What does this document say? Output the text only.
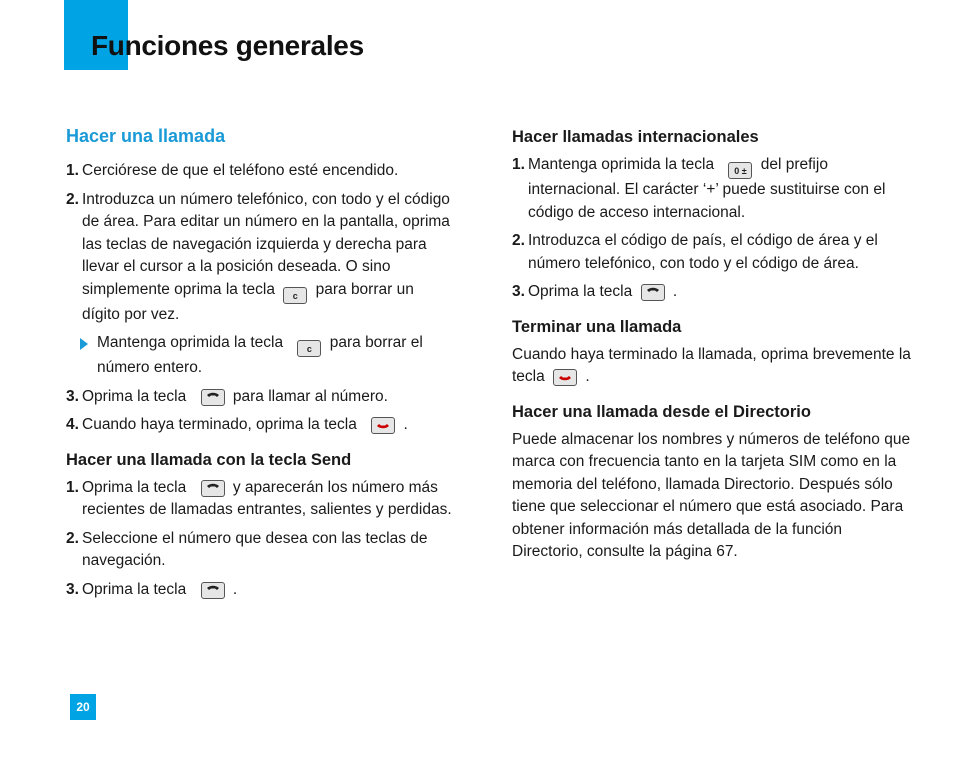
Funciones generales
Hacer una llamada
1. Cerciórese de que el teléfono esté encendido.
2. Introduzca un número telefónico, con todo y el código de área. Para editar un número en la pantalla, oprima las teclas de navegación izquierda y derecha para llevar el cursor a la posición deseada. O sino simplemente oprima la tecla c para borrar un dígito por vez.
Mantenga oprimida la tecla	c para borrar el número entero.
3. Oprima la tecla	para llamar al número.
4. Cuando haya terminado, oprima la tecla	.
Hacer una llamada con la tecla Send
1. Oprima la tecla	y aparecerán los número más recientes de llamadas entrantes, salientes y perdidas.
2. Seleccione el número que desea con las teclas de navegación.
3. Oprima la tecla	.
Hacer llamadas internacionales
1. Mantenga oprimida la tecla 0 ± del prefijo internacional. El carácter ‘+’ puede sustituirse con el código de acceso internacional.
2. Introduzca el código de país, el código de área y el número telefónico, con todo y el código de área.
3. Oprima la tecla	.
Terminar una llamada

Cuando haya terminado la llamada, oprima brevemente la tecla	.

Hacer una llamada desde el Directorio

Puede almacenar los nombres y números de teléfono que marca con frecuencia tanto en la tarjeta SIM como en la memoria del teléfono, llamada Directorio. Después sólo tiene que seleccionar el número que está asociado. Para obtener información más detallada de la función Directorio, consulte la página 67.

20
